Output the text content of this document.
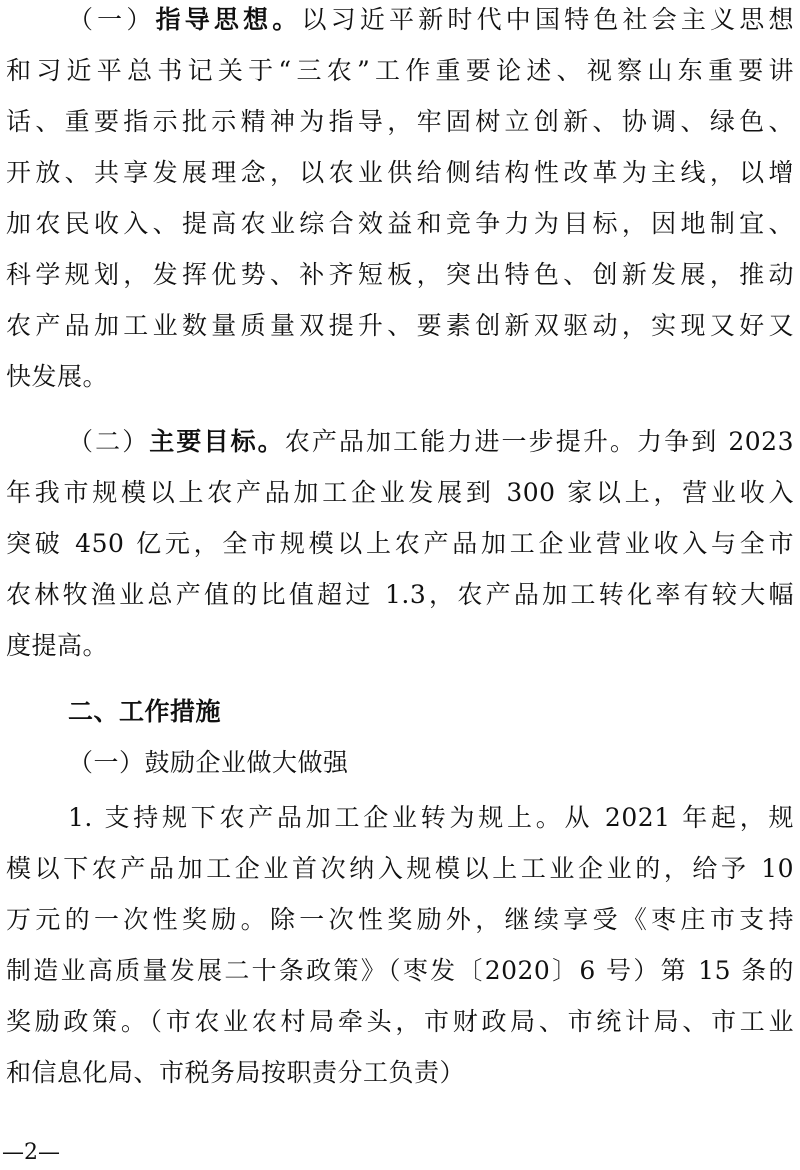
（一）指导思想。以习近平新时代中国特色社会主义思想
和习近平总书记关于“三农”工作重要论述、视察山东重要讲
话、重要指示批示精神为指导，牢固树立创新、协调、绿色、
开放、共享发展理念，以农业供给侧结构性改革为主线，以增
加农民收入、提高农业综合效益和竞争力为目标，因地制宜、
科学规划，发挥优势、补齐短板，突出特色、创新发展，推动
农产品加工业数量质量双提升、要素创新双驱动，实现又好又
快发展。
（二）主要目标。农产品加工能力进一步提升。力争到 2023
年我市规模以上农产品加工企业发展到 300 家以上，营业收入
突破 450 亿元，全市规模以上农产品加工企业营业收入与全市
农林牧渔业总产值的比值超过 1.3，农产品加工转化率有较大幅
度提高。
二、工作措施
（一）鼓励企业做大做强
1. 支持规下农产品加工企业转为规上。从 2021 年起，规
模以下农产品加工企业首次纳入规模以上工业企业的，给予 10
万元的一次性奖励。除一次性奖励外，继续享受《枣庄市支持
制造业高质量发展二十条政策》（枣发〔2020〕6 号）第 15 条的
奖励政策。（市农业农村局牵头，市财政局、市统计局、市工业
和信息化局、市税务局按职责分工负责）
—2—
